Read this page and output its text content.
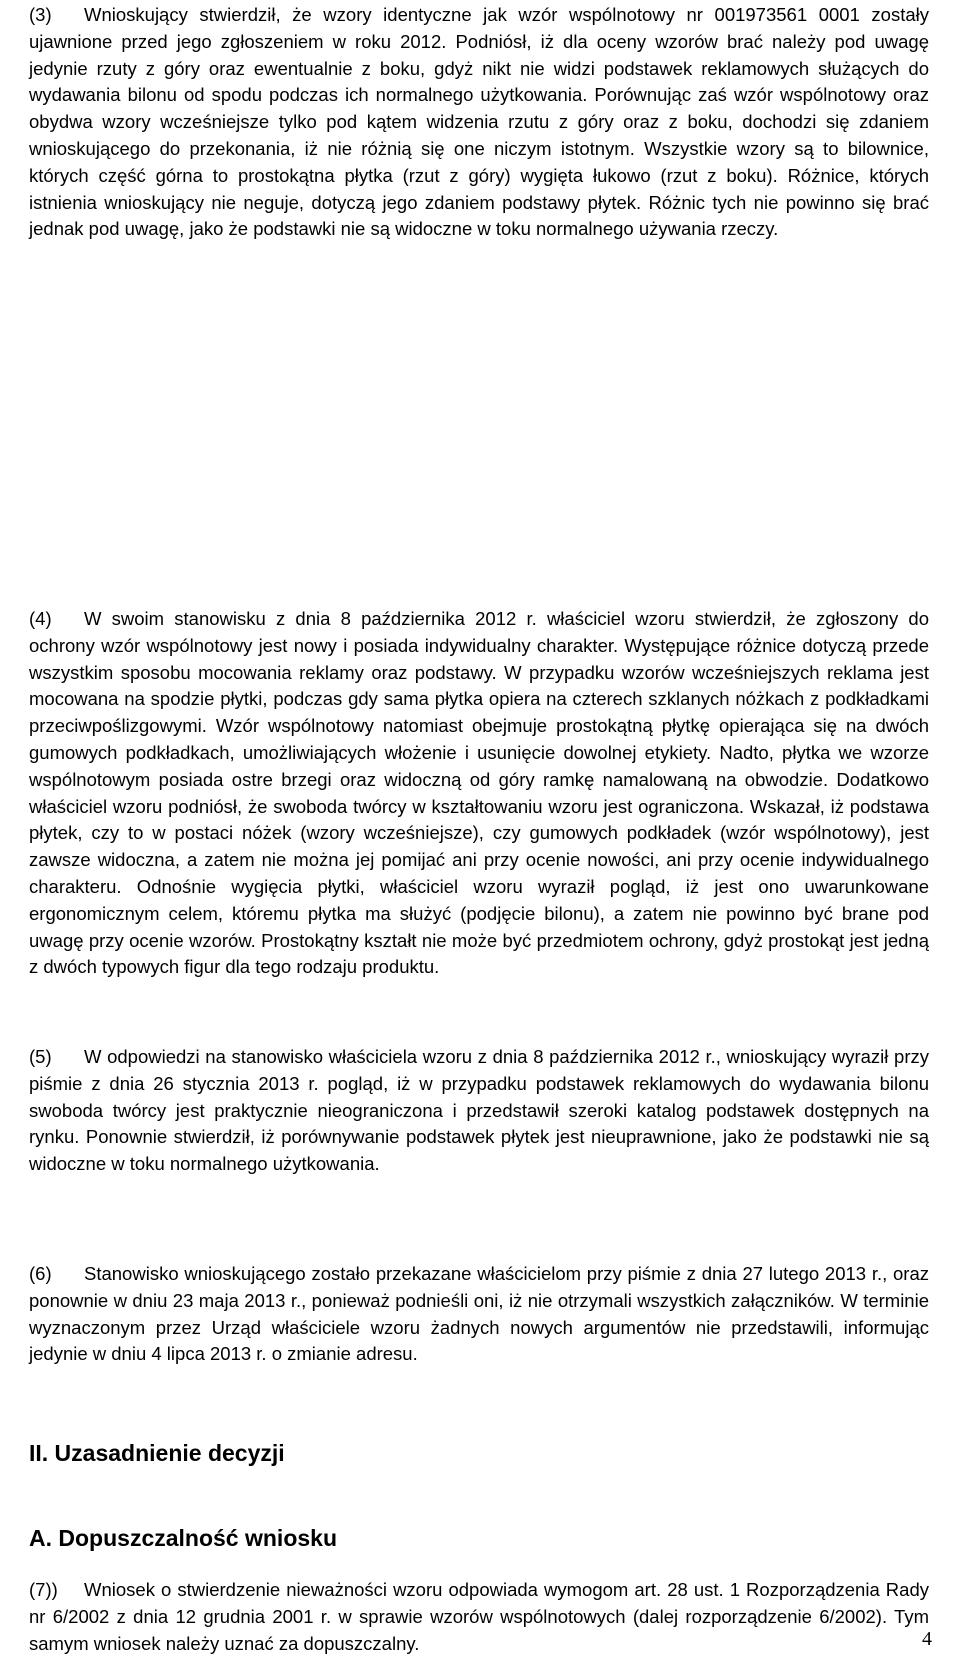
(3) Wnioskujący stwierdził, że wzory identyczne jak wzór wspólnotowy nr 001973561 0001 zostały ujawnione przed jego zgłoszeniem w roku 2012. Podniósł, iż dla oceny wzorów brać należy pod uwagę jedynie rzuty z góry oraz ewentualnie z boku, gdyż nikt nie widzi podstawek reklamowych służących do wydawania bilonu od spodu podczas ich normalnego użytkowania. Porównując zaś wzór wspólnotowy oraz obydwa wzory wcześniejsze tylko pod kątem widzenia rzutu z góry oraz z boku, dochodzi się zdaniem wnioskującego do przekonania, iż nie różnią się one niczym istotnym. Wszystkie wzory są to bilownice, których część górna to prostokątna płytka (rzut z góry) wygięta łukowo (rzut z boku). Różnice, których istnienia wnioskujący nie neguje, dotyczą jego zdaniem podstawy płytek. Różnic tych nie powinno się brać jednak pod uwagę, jako że podstawki nie są widoczne w toku normalnego używania rzeczy.

(4) W swoim stanowisku z dnia 8 października 2012 r. właściciel wzoru stwierdził, że zgłoszony do ochrony wzór wspólnotowy jest nowy i posiada indywidualny charakter. Występujące różnice dotyczą przede wszystkim sposobu mocowania reklamy oraz podstawy. W przypadku wzorów wcześniejszych reklama jest mocowana na spodzie płytki, podczas gdy sama płytka opiera na czterech szklanych nóżkach z podkładkami przeciwpoślizgowymi. Wzór wspólnotowy natomiast obejmuje prostokątną płytkę opierająca się na dwóch gumowych podkładkach, umożliwiających włożenie i usunięcie dowolnej etykiety. Nadto, płytka we wzorze wspólnotowym posiada ostre brzegi oraz widoczną od góry ramkę namalowaną na obwodzie. Dodatkowo właściciel wzoru podniósł, że swoboda twórcy w kształtowaniu wzoru jest ograniczona. Wskazał, iż podstawa płytek, czy to w postaci nóżek (wzory wcześniejsze), czy gumowych podkładek (wzór wspólnotowy), jest zawsze widoczna, a zatem nie można jej pomijać ani przy ocenie nowości, ani przy ocenie indywidualnego charakteru. Odnośnie wygięcia płytki, właściciel wzoru wyraził pogląd, iż jest ono uwarunkowane ergonomicznym celem, któremu płytka ma służyć (podjęcie bilonu), a zatem nie powinno być brane pod uwagę przy ocenie wzorów. Prostokątny kształt nie może być przedmiotem ochrony, gdyż prostokąt jest jedną z dwóch typowych figur dla tego rodzaju produktu.

(5) W odpowiedzi na stanowisko właściciela wzoru z dnia 8 października 2012 r., wnioskujący wyraził przy piśmie z dnia 26 stycznia 2013 r. pogląd, iż w przypadku podstawek reklamowych do wydawania bilonu swoboda twórcy jest praktycznie nieograniczona i przedstawił szeroki katalog podstawek dostępnych na rynku. Ponownie stwierdził, iż porównywanie podstawek płytek jest nieuprawnione, jako że podstawki nie są widoczne w toku normalnego użytkowania.

(6) Stanowisko wnioskującego zostało przekazane właścicielom przy piśmie z dnia 27 lutego 2013 r., oraz ponownie w dniu 23 maja 2013 r., ponieważ podnieśli oni, iż nie otrzymali wszystkich załączników. W terminie wyznaczonym przez Urząd właściciele wzoru żadnych nowych argumentów nie przedstawili, informując jedynie w dniu 4 lipca 2013 r. o zmianie adresu.

II. Uzasadnienie decyzji
A. Dopuszczalność wniosku

(7)) Wniosek o stwierdzenie nieważności wzoru odpowiada wymogom art. 28 ust. 1 Rozporządzenia Rady nr 6/2002 z dnia 12 grudnia 2001 r. w sprawie wzorów wspólnotowych (dalej rozporządzenie 6/2002). Tym samym wniosek należy uznać za dopuszczalny.	4
